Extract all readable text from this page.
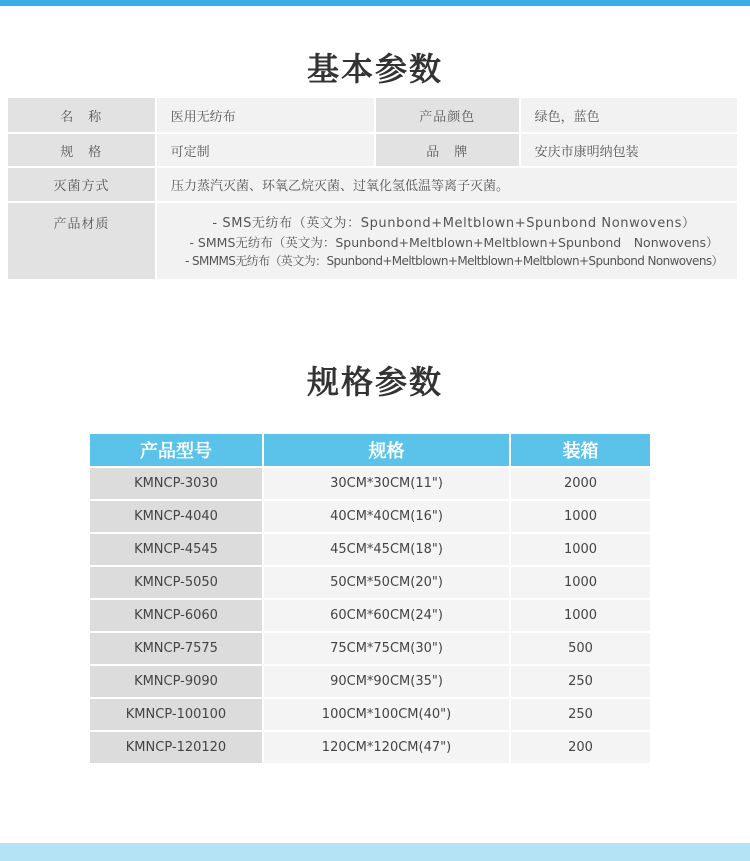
基本参数
名　称	医用无纺布	产品颜色	绿色，蓝色
规　格	可定制	品　牌	安庆市康明纳包装
灭菌方式	压力蒸汽灭菌、环氧乙烷灭菌、过氧化氢低温等离子灭菌。
产品材质	- SMS无纺布（英文为：Spunbond+Meltblown+Spunbond Nonwovens）
- SMMS无纺布（英文为：Spunbond+Meltblown+Meltblown+Spunbond　Nonwovens）
- SMMMS无纺布（英文为：Spunbond+Meltblown+Meltblown+Meltblown+Spunbond Nonwovens）
规格参数
产品型号	规格	装箱
KMNCP-3030	30CM*30CM(11")	2000
KMNCP-4040	40CM*40CM(16")	1000
KMNCP-4545	45CM*45CM(18")	1000
KMNCP-5050	50CM*50CM(20")	1000
KMNCP-6060	60CM*60CM(24")	1000
KMNCP-7575	75CM*75CM(30")	500
KMNCP-9090	90CM*90CM(35")	250
KMNCP-100100	100CM*100CM(40")	250
KMNCP-120120	120CM*120CM(47")	200
